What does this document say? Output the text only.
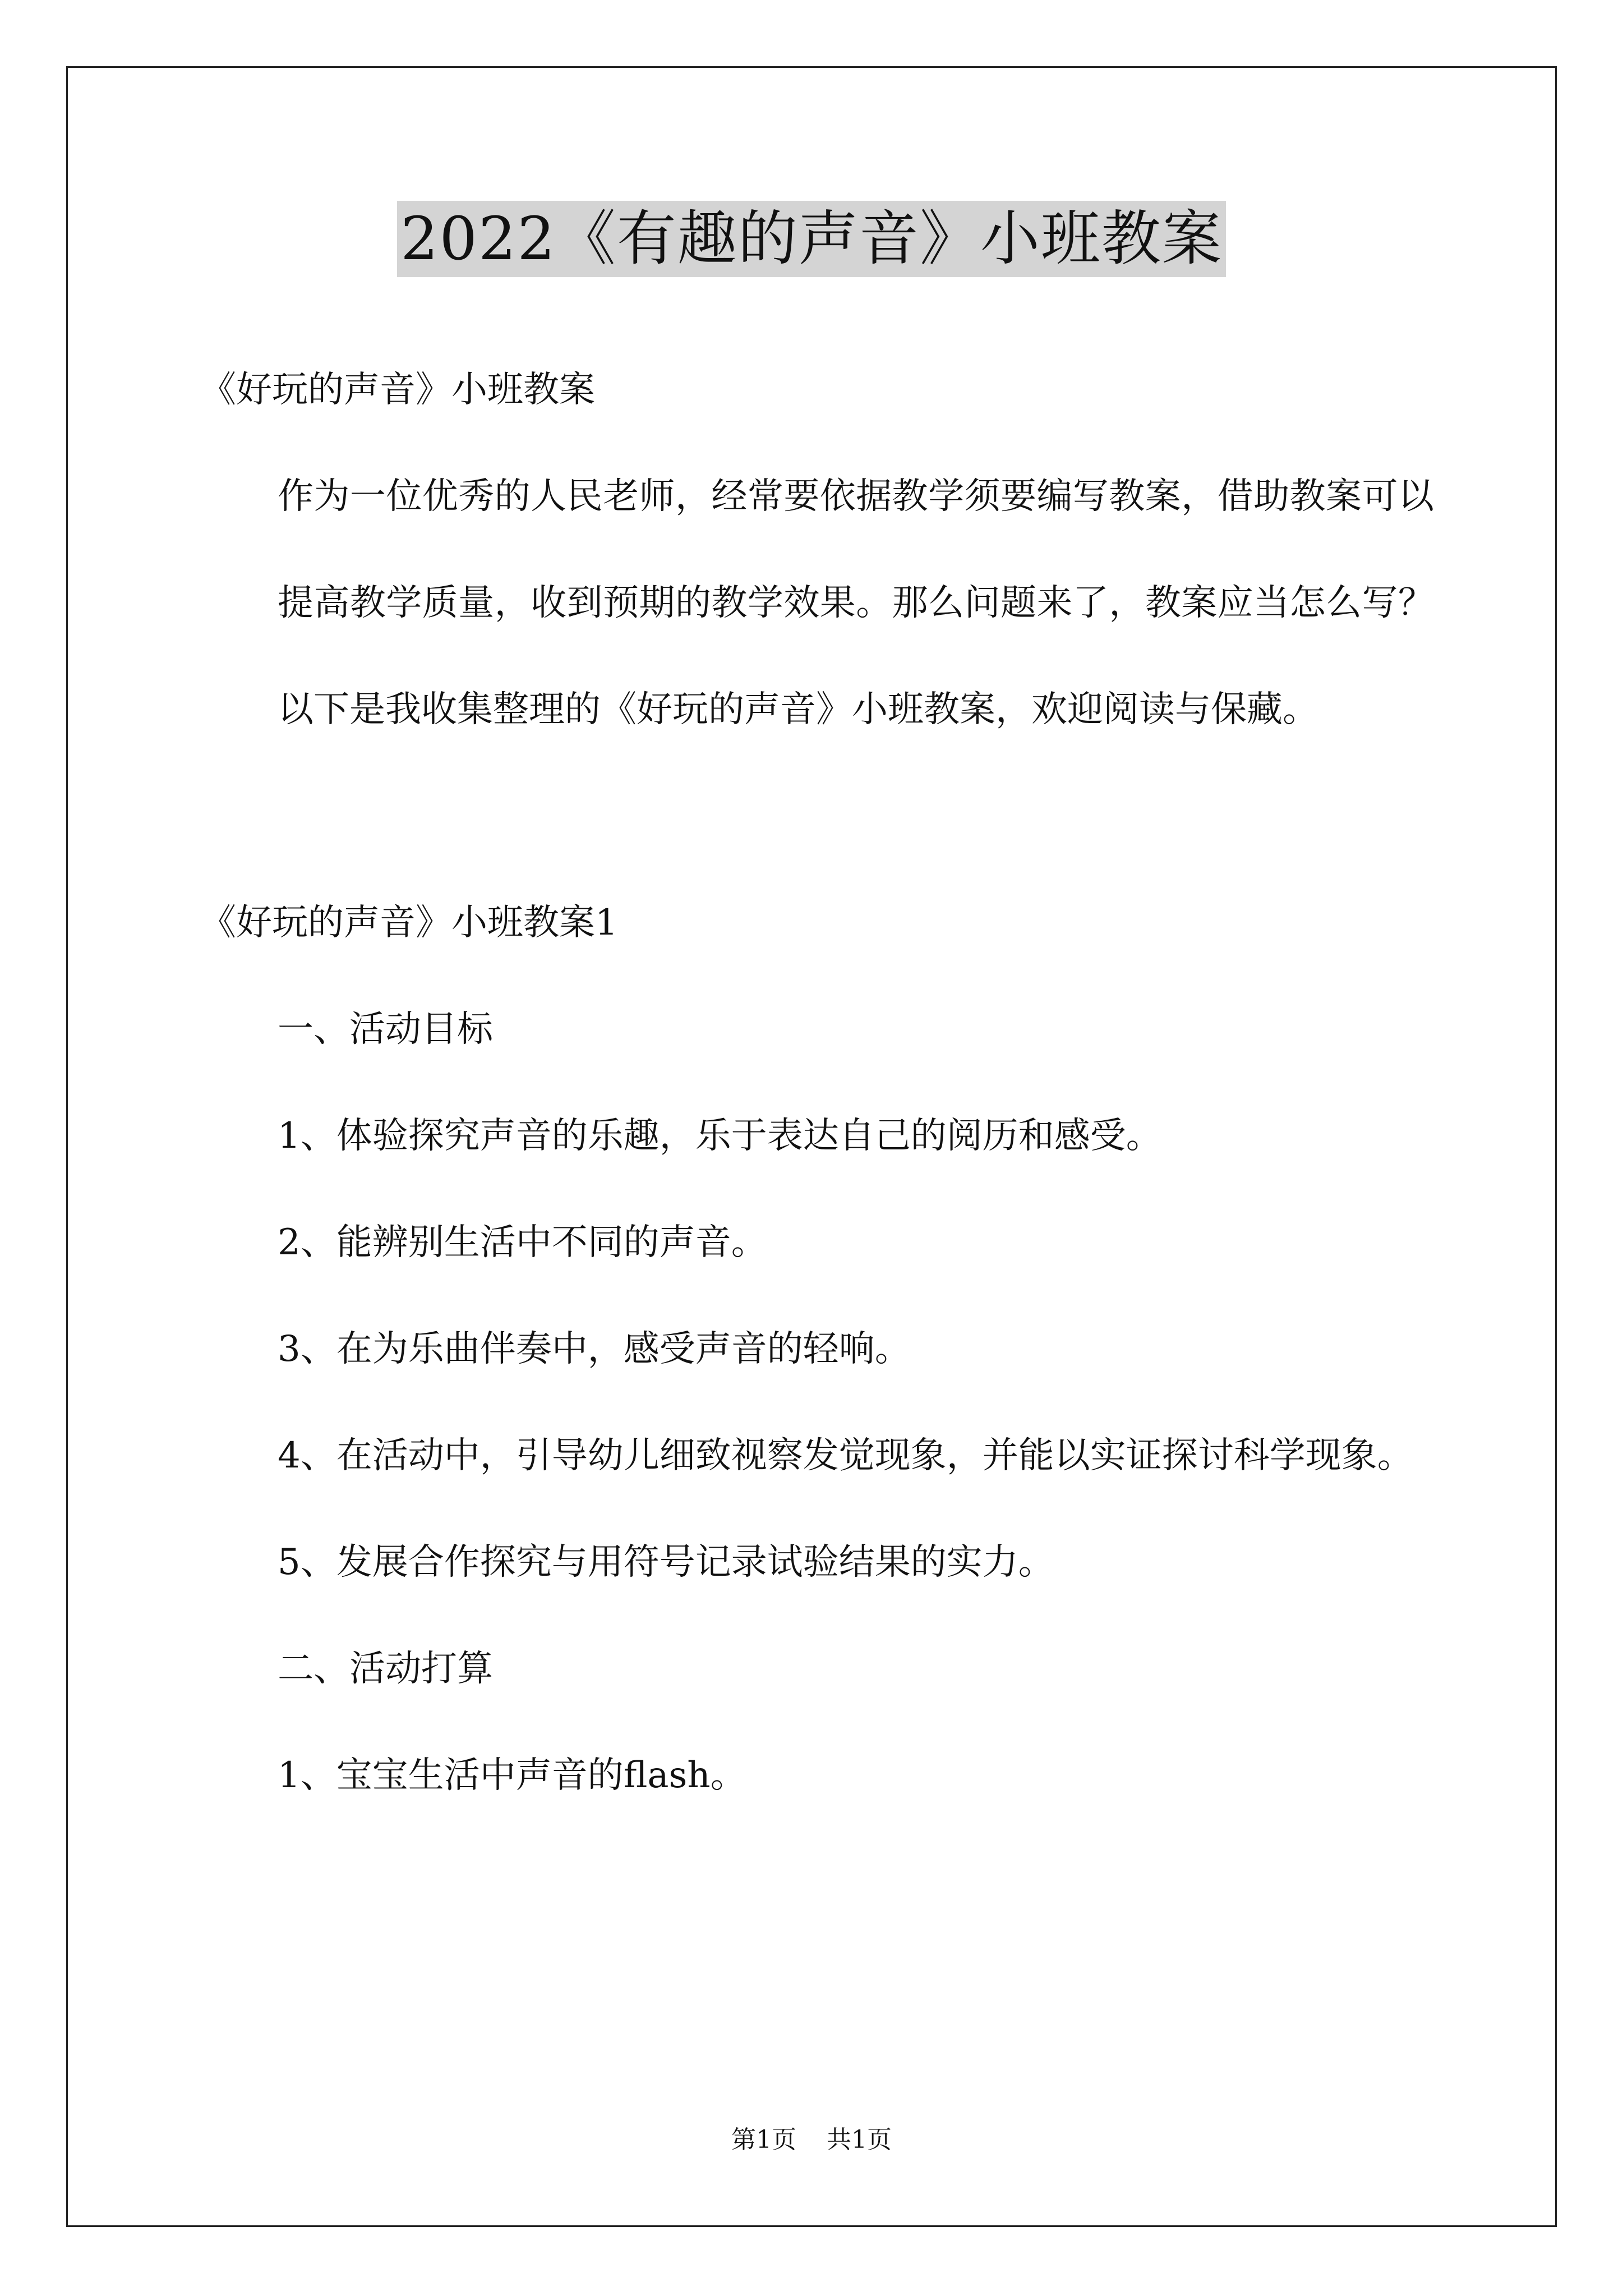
2022《有趣的声音》小班教案

《好玩的声音》小班教案

作为一位优秀的人民老师，经常要依据教学须要编写教案，借助教案可以提高教学质量，收到预期的教学效果。那么问题来了，教案应当怎么写？以下是我收集整理的《好玩的声音》小班教案，欢迎阅读与保藏。

《好玩的声音》小班教案1

一、活动目标

1、体验探究声音的乐趣，乐于表达自己的阅历和感受。

2、能辨别生活中不同的声音。

3、在为乐曲伴奏中，感受声音的轻响。

4、在活动中，引导幼儿细致视察发觉现象，并能以实证探讨科学现象。

5、发展合作探究与用符号记录试验结果的实力。

二、活动打算

1、宝宝生活中声音的flash。

第1页 共1页
